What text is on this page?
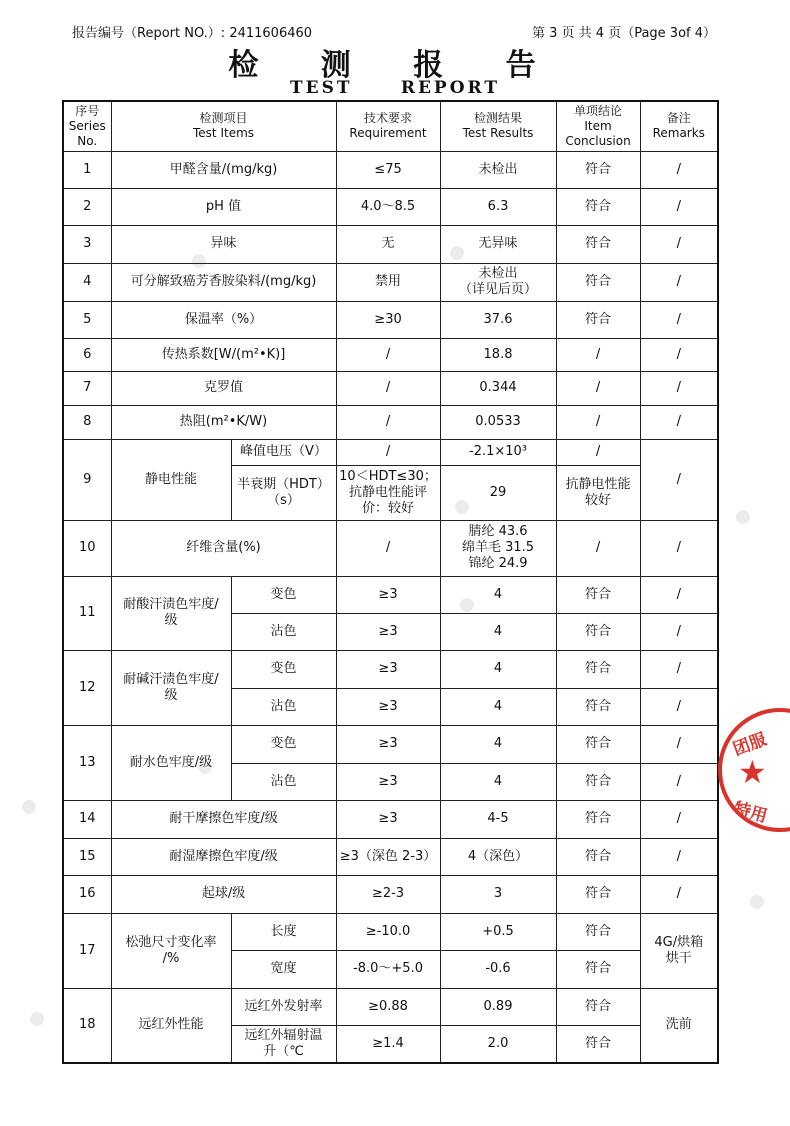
报告编号（Report NO.）: 2411606460	第 3 页 共 4 页（Page 3of 4）
检 测 报 告
TEST	REPORT
序号
Series
No.	检测项目
Test Items		技术要求
Requirement	检测结果
Test Results	单项结论
Item
Conclusion	备注
Remarks

1	甲醛含量/(mg/kg)		≤75	未检出	符合	/
2	pH 值		4.0～8.5	6.3	符合	/
3	异味		无	无异味	符合	/
4	可分解致癌芳香胺染料/(mg/kg)		禁用	未检出
（详见后页）	符合	/
5	保温率（%）		≥30	37.6	符合	/
6	传热系数[W/(m²•K)]		/	18.8	/	/
7	克罗值		/	0.344	/	/
8	热阻(m²•K/W)		/	0.0533	/	/
9	静电性能	峰值电压（V）	/	-2.1×10³	/	/

		半衰期（HDT）
（s）	10＜HDT≤30；
抗静电性能评
价：较好	29	抗静电性能
较好	

10	纤维含量(%)		/	腈纶 43.6
绵羊毛 31.5
锦纶 24.9	/	/
11	耐酸汗渍色牢度/
级	变色	≥3	4	符合	/
		沾色	≥3	4	符合	/
12	耐碱汗渍色牢度/
级	变色	≥3	4	符合	/
		沾色	≥3	4	符合	/
13	耐水色牢度/级	变色	≥3	4	符合	/
		沾色	≥3	4	符合	/
14	耐干摩擦色牢度/级		≥3	4-5	符合	/
15	耐湿摩擦色牢度/级		≥3（深色 2-3）	4（深色）	符合	/
16	起球/级		≥2-3	3	符合	/
17	松弛尺寸变化率
/%	长度	≥-10.0	+0.5	符合	4G/烘箱
烘干

		宽度	-8.0～+5.0	-0.6	符合	
18	远红外性能	远红外发射率	≥0.88	0.89	符合	洗前

		远红外辐射温
升（℃	≥1.4	2.0	符合	
团服
★
特用
